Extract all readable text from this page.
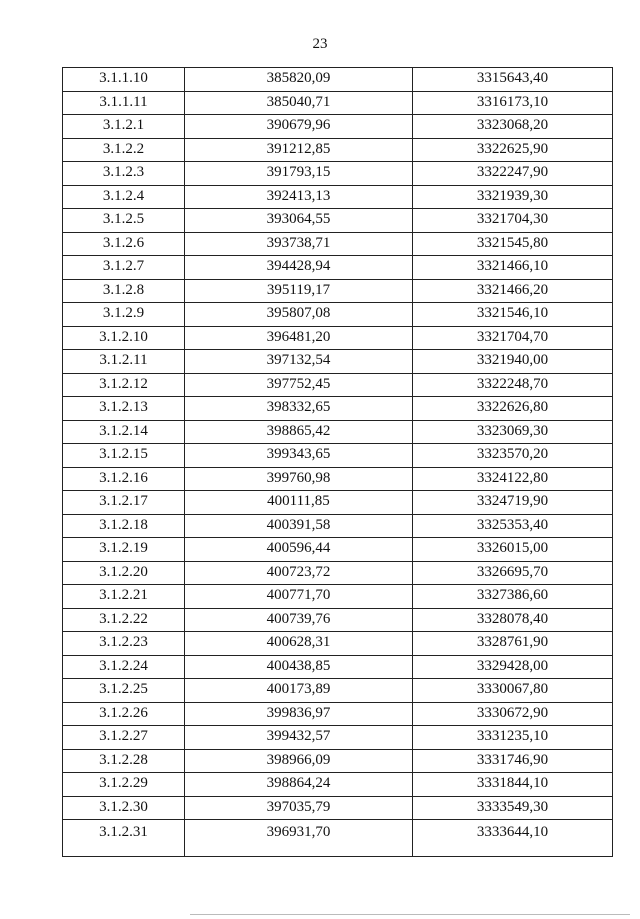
23
3.1.1.10	385820,09	3315643,40
3.1.1.11	385040,71	3316173,10
3.1.2.1	390679,96	3323068,20
3.1.2.2	391212,85	3322625,90
3.1.2.3	391793,15	3322247,90
3.1.2.4	392413,13	3321939,30
3.1.2.5	393064,55	3321704,30
3.1.2.6	393738,71	3321545,80
3.1.2.7	394428,94	3321466,10
3.1.2.8	395119,17	3321466,20
3.1.2.9	395807,08	3321546,10
3.1.2.10	396481,20	3321704,70
3.1.2.11	397132,54	3321940,00
3.1.2.12	397752,45	3322248,70
3.1.2.13	398332,65	3322626,80
3.1.2.14	398865,42	3323069,30
3.1.2.15	399343,65	3323570,20
3.1.2.16	399760,98	3324122,80
3.1.2.17	400111,85	3324719,90
3.1.2.18	400391,58	3325353,40
3.1.2.19	400596,44	3326015,00
3.1.2.20	400723,72	3326695,70
3.1.2.21	400771,70	3327386,60
3.1.2.22	400739,76	3328078,40
3.1.2.23	400628,31	3328761,90
3.1.2.24	400438,85	3329428,00
3.1.2.25	400173,89	3330067,80
3.1.2.26	399836,97	3330672,90
3.1.2.27	399432,57	3331235,10
3.1.2.28	398966,09	3331746,90
3.1.2.29	398864,24	3331844,10
3.1.2.30	397035,79	3333549,30
3.1.2.31	396931,70	3333644,10
